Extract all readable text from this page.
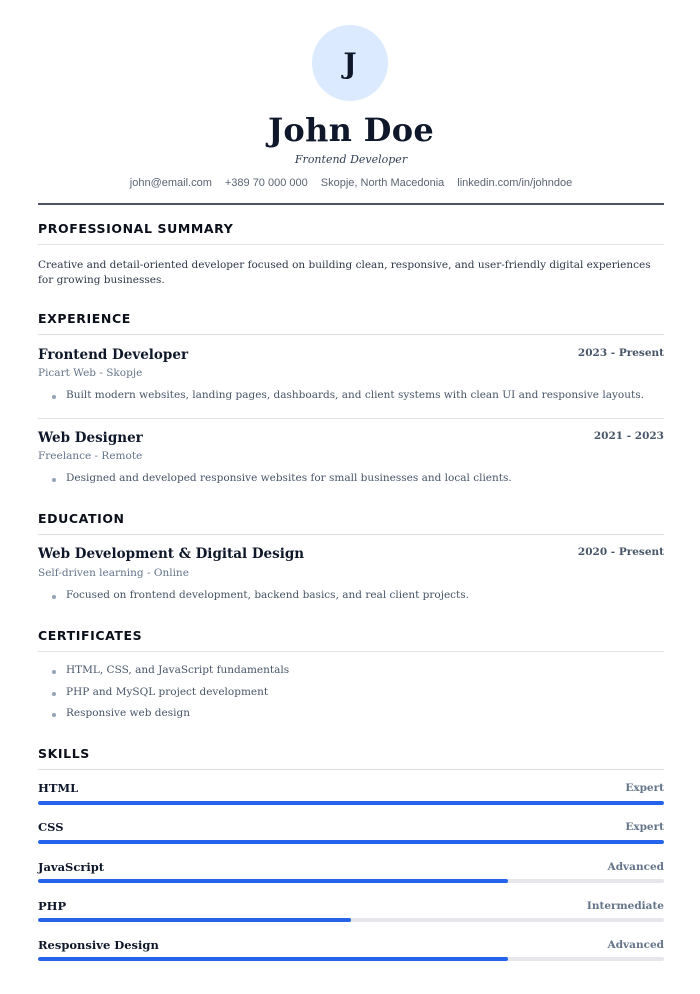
J
John Doe
Frontend Developer
john@email.com +389 70 000 000 Skopje, North Macedonia linkedin.com/in/johndoe
PROFESSIONAL SUMMARY
Creative and detail-oriented developer focused on building clean, responsive, and user-friendly digital experiences for growing businesses.
EXPERIENCE
Frontend Developer	2023 - Present
Picart Web - Skopje
Built modern websites, landing pages, dashboards, and client systems with clean UI and responsive layouts.
Web Designer	2021 - 2023
Freelance - Remote
Designed and developed responsive websites for small businesses and local clients.
EDUCATION
Web Development & Digital Design	2020 - Present
Self-driven learning - Online
Focused on frontend development, backend basics, and real client projects.
CERTIFICATES
HTML, CSS, and JavaScript fundamentals
PHP and MySQL project development
Responsive web design
SKILLS
HTML	Expert
CSS	Expert
JavaScript	Advanced
PHP	Intermediate
Responsive Design	Advanced
